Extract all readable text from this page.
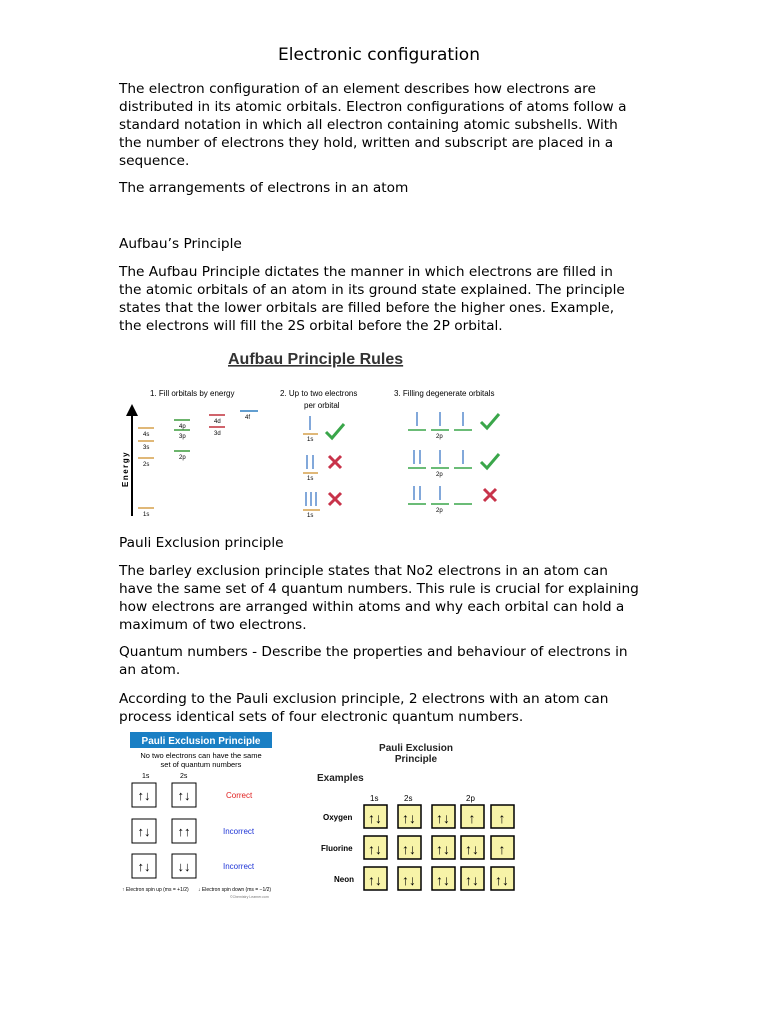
Electronic configuration

The electron configuration of an element describes how electrons are distributed in its atomic orbitals. Electron configurations of atoms follow a standard notation in which all electron containing atomic subshells. With the number of electrons they hold, written and subscript are placed in a sequence.

The arrangements of electrons in an atom

Aufbau’s Principle

The Aufbau Principle dictates the manner in which electrons are filled in the atomic orbitals of an atom in its ground state explained. The principle states that the lower orbitals are filled before the higher ones. Example, the electrons will fill the 2S orbital before the 2P orbital.

Pauli Exclusion principle

The barley exclusion principle states that No2 electrons in an atom can have the same set of 4 quantum numbers. This rule is crucial for explaining how electrons are arranged within atoms and why each orbital can hold a maximum of two electrons.

Quantum numbers - Describe the properties and behaviour of electrons in an atom.

According to the Pauli exclusion principle, 2 electrons with an atom can process identical sets of four electronic quantum numbers.

Aufbau Principle Rules
1. Fill orbitals by energy	2. Up to two electrons
per orbital
3. Filling degenerate orbitals
Energy
1s
2s
2p
3s
3p
4s	3d
4p
4d
4f
1s
1s
1s
2p
2p
2p
Pauli Exclusion Principle
No two electrons can have the same
set of quantum numbers
1s	2s
↑↓ ↑↓	Correct
↑↓ ↑↑	Incorrect
↑↓ ↓↓	Incorrect
↑ Electron spin up (ms = +1/2) ↓ Electron spin down (ms = −1/2)
©Chemistry Learner.com
Pauli Exclusion
Principle
Examples
1s	2s	2p
Oxygen ↑↓ ↑↓ ↑↓ ↑ ↑
Fluorine ↑↓ ↑↓ ↑↓ ↑↓ ↑
Neon ↑↓ ↑↓ ↑↓ ↑↓ ↑↓
